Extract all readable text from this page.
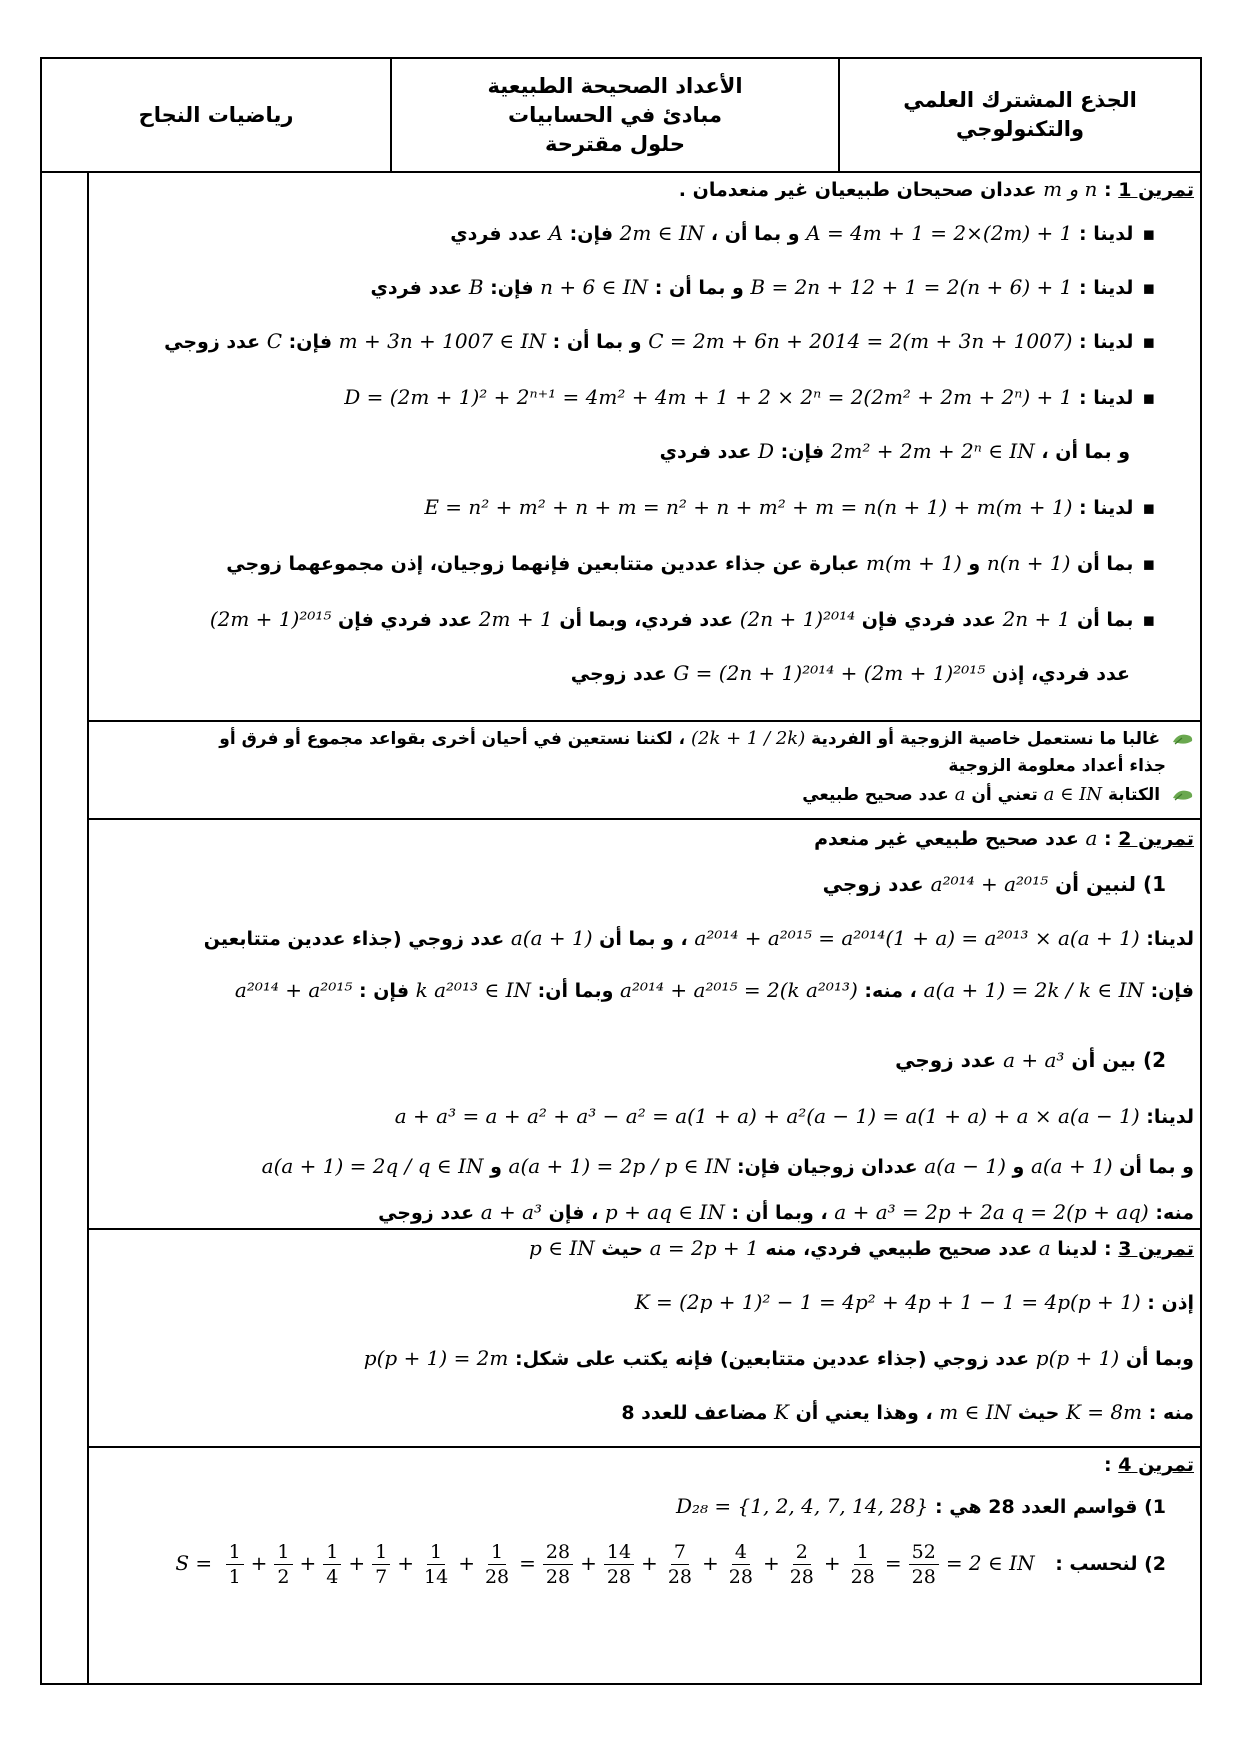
الجذع المشترك العلمي
والتكنولوجي
الأعداد الصحيحة الطبيعية
مبادئ في الحسابيات
حلول مقترحة
رياضيات النجاح
تمرين 1 : m و n عددان صحيحان طبيعيان غير منعدمان .
▪ لدينا : A = 4m + 1 = 2×(2m) + 1 و بما أن ، 2m ∈ IN فإن: A عدد فردي
▪ لدينا : B = 2n + 12 + 1 = 2(n + 6) + 1 و بما أن : n + 6 ∈ IN فإن: B عدد فردي
▪ لدينا : C = 2m + 6n + 2014 = 2(m + 3n + 1007) و بما أن : m + 3n + 1007 ∈ IN فإن: C عدد زوجي
▪ لدينا : D = (2m + 1)² + 2ⁿ⁺¹ = 4m² + 4m + 1 + 2 × 2ⁿ = 2(2m² + 2m + 2ⁿ) + 1
و بما أن ، 2m² + 2m + 2ⁿ ∈ IN فإن: D عدد فردي
▪ لدينا : E = n² + m² + n + m = n² + n + m² + m = n(n + 1) + m(m + 1)
▪ بما أن n(n + 1) و m(m + 1) عبارة عن جذاء عددين متتابعين فإنهما زوجيان، إذن مجموعهما زوجي
▪ بما أن 2n + 1 عدد فردي فإن (2n + 1)²⁰¹⁴ عدد فردي، وبما أن 2m + 1 عدد فردي فإن (2m + 1)²⁰¹⁵
عدد فردي، إذن G = (2n + 1)²⁰¹⁴ + (2m + 1)²⁰¹⁵ عدد زوجي
غالبا ما نستعمل خاصية الزوجية أو الفردية (2k + 1 / 2k) ، لكننا نستعين في أحيان أخرى بقواعد مجموع أو فرق أو
جذاء أعداد معلومة الزوجية
الكتابة a ∈ IN تعني أن a عدد صحيح طبيعي
تمرين 2 : a عدد صحيح طبيعي غير منعدم
1) لنبين أن a²⁰¹⁴ + a²⁰¹⁵ عدد زوجي
لدينا: a²⁰¹⁴ + a²⁰¹⁵ = a²⁰¹⁴(1 + a) = a²⁰¹³ × a(a + 1) ، و بما أن a(a + 1) عدد زوجي (جذاء عددين متتابعين
فإن: a(a + 1) = 2k / k ∈ IN ، منه: a²⁰¹⁴ + a²⁰¹⁵ = 2(k a²⁰¹³) وبما أن: k a²⁰¹³ ∈ IN فإن : a²⁰¹⁴ + a²⁰¹⁵
2) بين أن a + a³ عدد زوجي
لدينا: a + a³ = a + a² + a³ − a² = a(1 + a) + a²(a − 1) = a(1 + a) + a × a(a − 1)
و بما أن a(a + 1) و a(a − 1) عددان زوجيان فإن: a(a + 1) = 2p / p ∈ IN و a(a + 1) = 2q / q ∈ IN
منه: a + a³ = 2p + 2a q = 2(p + aq) ، وبما أن : p + aq ∈ IN ، فإن a + a³ عدد زوجي
تمرين 3 : لدينا a عدد صحيح طبيعي فردي، منه a = 2p + 1 حيث p ∈ IN
إذن : K = (2p + 1)² − 1 = 4p² + 4p + 1 − 1 = 4p(p + 1)
وبما أن p(p + 1) عدد زوجي (جذاء عددين متتابعين) فإنه يكتب على شكل: p(p + 1) = 2m
منه : K = 8m حيث m ∈ IN ، وهذا يعني أن K مضاعف للعدد 8
تمرين 4 :
1) قواسم العدد 28 هي : D₂₈ = {1, 2, 4, 7, 14, 28}
2) لنحسب : $S = \frac{1}{1} + \frac{1}{2} + \frac{1}{4} + \frac{1}{7} + \frac{1}{14} + \frac{1}{28} = \frac{28}{28} + \frac{14}{28} + \frac{7}{28} + \frac{4}{28} + \frac{2}{28} + \frac{1}{28} = \frac{52}{28} = 2$ ∈ IN
